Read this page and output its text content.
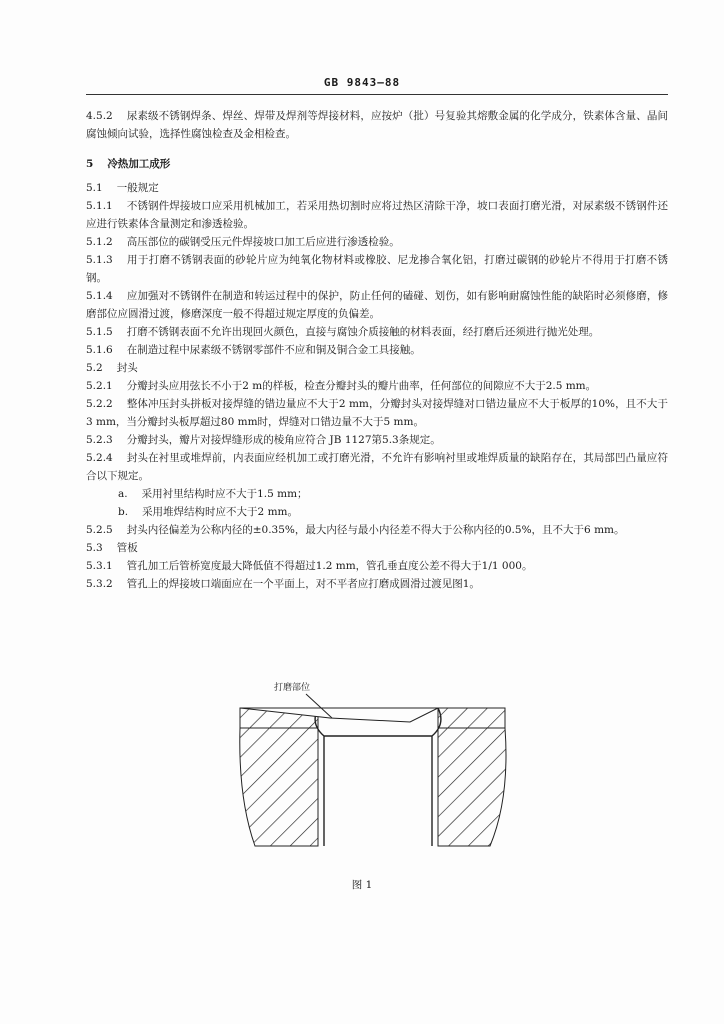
GB 9843—88

4.5.2 尿素级不锈钢焊条、焊丝、焊带及焊剂等焊接材料，应按炉（批）号复验其熔敷金属的化学成分，铁素体含量、晶间腐蚀倾向试验，选择性腐蚀检查及金相检查。

5 冷热加工成形

5.1 一般规定

5.1.1 不锈钢件焊接坡口应采用机械加工，若采用热切割时应将过热区清除干净，坡口表面打磨光滑，对尿素级不锈钢件还应进行铁素体含量测定和渗透检验。

5.1.2 高压部位的碳钢受压元件焊接坡口加工后应进行渗透检验。

5.1.3 用于打磨不锈钢表面的砂轮片应为纯氧化物材料或橡胶、尼龙掺合氧化铝，打磨过碳钢的砂轮片不得用于打磨不锈钢。

5.1.4 应加强对不锈钢件在制造和转运过程中的保护，防止任何的磕碰、划伤，如有影响耐腐蚀性能的缺陷时必须修磨，修磨部位应圆滑过渡，修磨深度一般不得超过规定厚度的负偏差。

5.1.5 打磨不锈钢表面不允许出现回火颜色，直接与腐蚀介质接触的材料表面，经打磨后还须进行抛光处理。

5.1.6 在制造过程中尿素级不锈钢零部件不应和铜及铜合金工具接触。

5.2 封头

5.2.1 分瓣封头应用弦长不小于2 m的样板，检查分瓣封头的瓣片曲率，任何部位的间隙应不大于2.5 mm。

5.2.2 整体冲压封头拼板对接焊缝的错边量应不大于2 mm，分瓣封头对接焊缝对口错边量应不大于板厚的10%，且不大于3 mm，当分瓣封头板厚超过80 mm时，焊缝对口错边量不大于5 mm。

5.2.3 分瓣封头，瓣片对接焊缝形成的棱角应符合 JB 1127第5.3条规定。

5.2.4 封头在衬里或堆焊前，内表面应经机加工或打磨光滑，不允许有影响衬里或堆焊质量的缺陷存在，其局部凹凸量应符合以下规定。

a. 采用衬里结构时应不大于1.5 mm；

b. 采用堆焊结构时应不大于2 mm。

5.2.5 封头内径偏差为公称内径的±0.35%，最大内径与最小内径差不得大于公称内径的0.5%，且不大于6 mm。

5.3 管板

5.3.1 管孔加工后管桥宽度最大降低值不得超过1.2 mm，管孔垂直度公差不得大于1/1 000。

5.3.2 管孔上的焊接坡口端面应在一个平面上，对不平者应打磨成圆滑过渡见图1。

打磨部位
图 1
